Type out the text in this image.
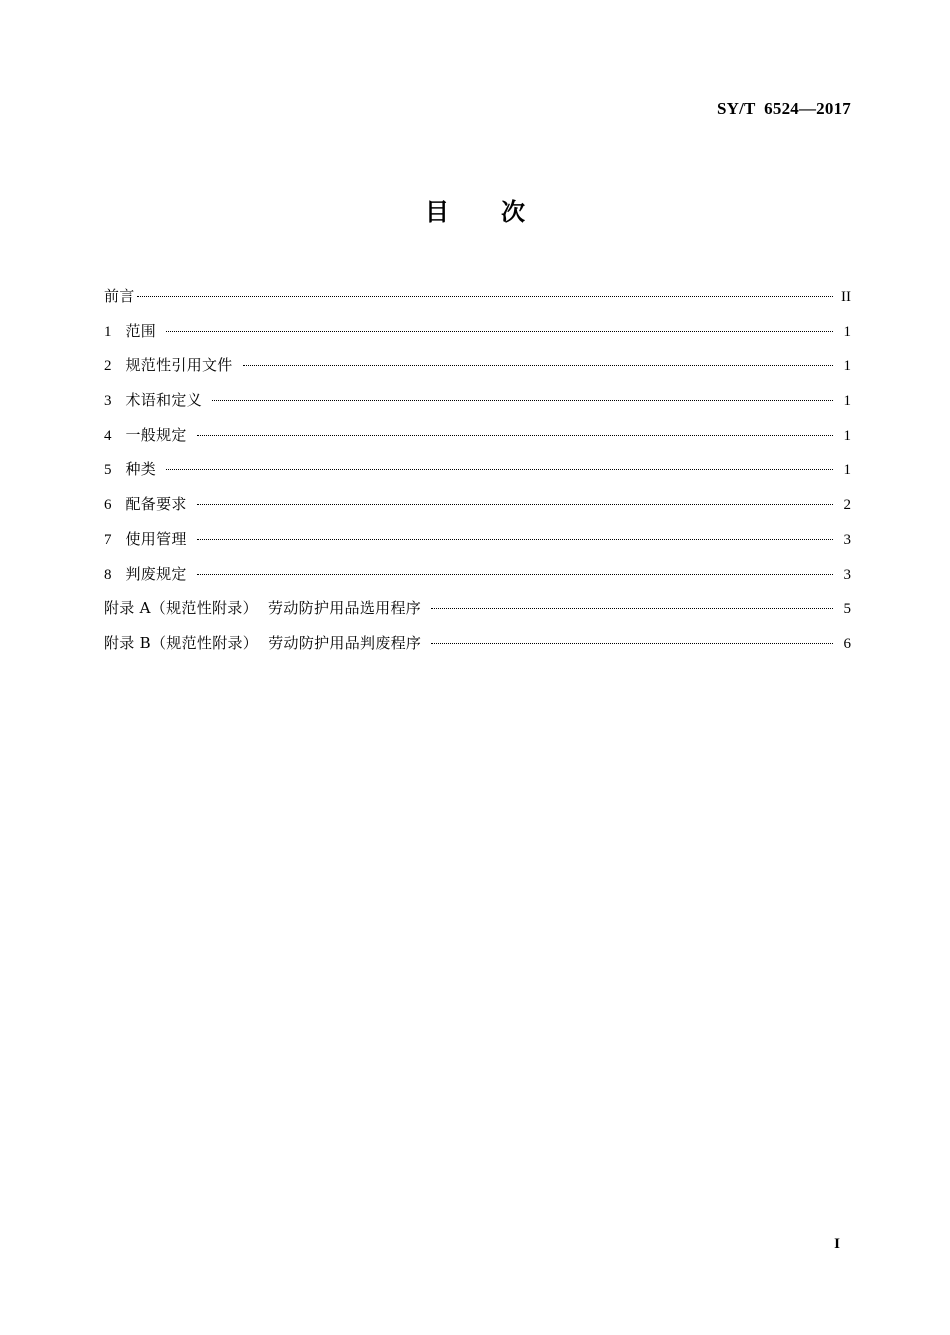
SY/T  6524—2017
目 次
前言	II
1 范围	1
2 规范性引用文件	1
3 术语和定义	1
4 一般规定	1
5 种类	1
6 配备要求	2
7 使用管理	3
8 判废规定	3
附录 A（规范性附录）  劳动防护用品选用程序	5
附录 B（规范性附录）  劳动防护用品判废程序	6
I
